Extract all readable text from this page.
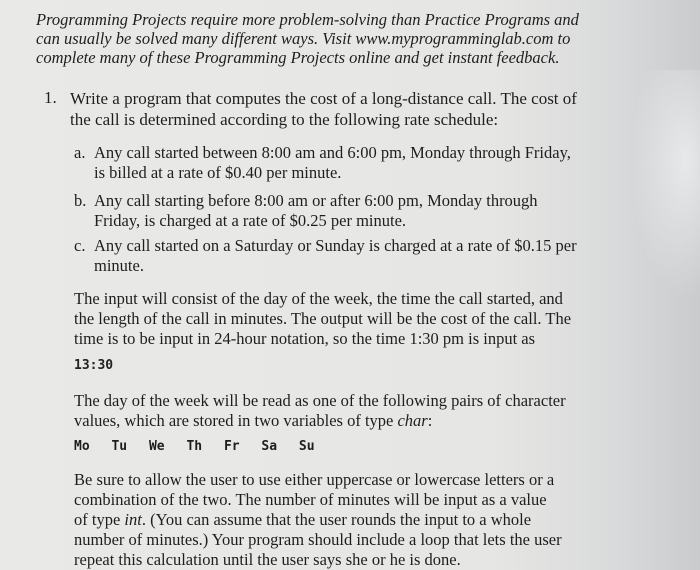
Programming Projects require more problem-solving than Practice Programs and

can usually be solved many different ways. Visit www.myprogramminglab.com to

complete many of these Programming Projects online and get instant feedback.

1. Write a program that computes the cost of a long-distance call. The cost of

the call is determined according to the following rate schedule:

a. Any call started between 8:00 am and 6:00 pm, Monday through Friday,
is billed at a rate of $0.40 per minute.
b. Any call starting before 8:00 am or after 6:00 pm, Monday through
Friday, is charged at a rate of $0.25 per minute.
c. Any call started on a Saturday or Sunday is charged at a rate of $0.15 per
minute.
The input will consist of the day of the week, the time the call started, and
the length of the call in minutes. The output will be the cost of the call. The
time is to be input in 24-hour notation, so the time 1:30 pm is input as
13:30
The day of the week will be read as one of the following pairs of character
values, which are stored in two variables of type char:
Mo Tu We Th Fr Sa Su
Be sure to allow the user to use either uppercase or lowercase letters or a
combination of the two. The number of minutes will be input as a value
of type int. (You can assume that the user rounds the input to a whole
number of minutes.) Your program should include a loop that lets the user
repeat this calculation until the user says she or he is done.
